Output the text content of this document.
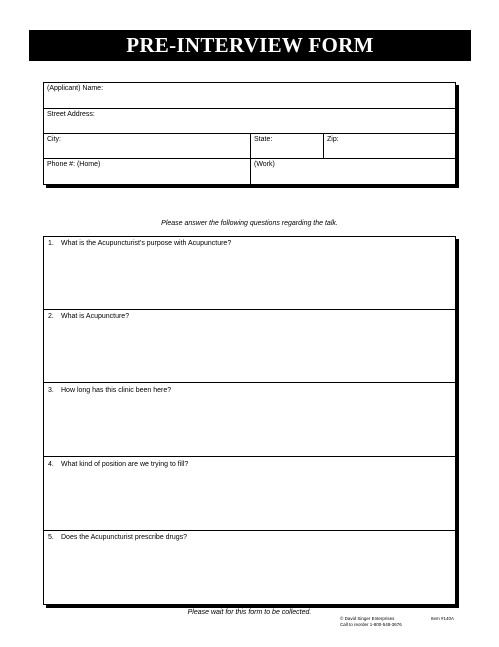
PRE-INTERVIEW FORM
(Applicant) Name:
Street Address:
City:	State:	Zip:
Phone #: (Home)	(Work)
Please answer the following questions regarding the talk.
1. What is the Acupuncturist's purpose with Acupuncture?
2. What is Acupuncture?
3. How long has this clinic been here?
4. What kind of position are we trying to fill?
5. Does the Acupuncturist prescribe drugs?
Please wait for this form to be collected.
© David Singer Enterprises
Call to reorder 1-800-548-3676
Item #140A
